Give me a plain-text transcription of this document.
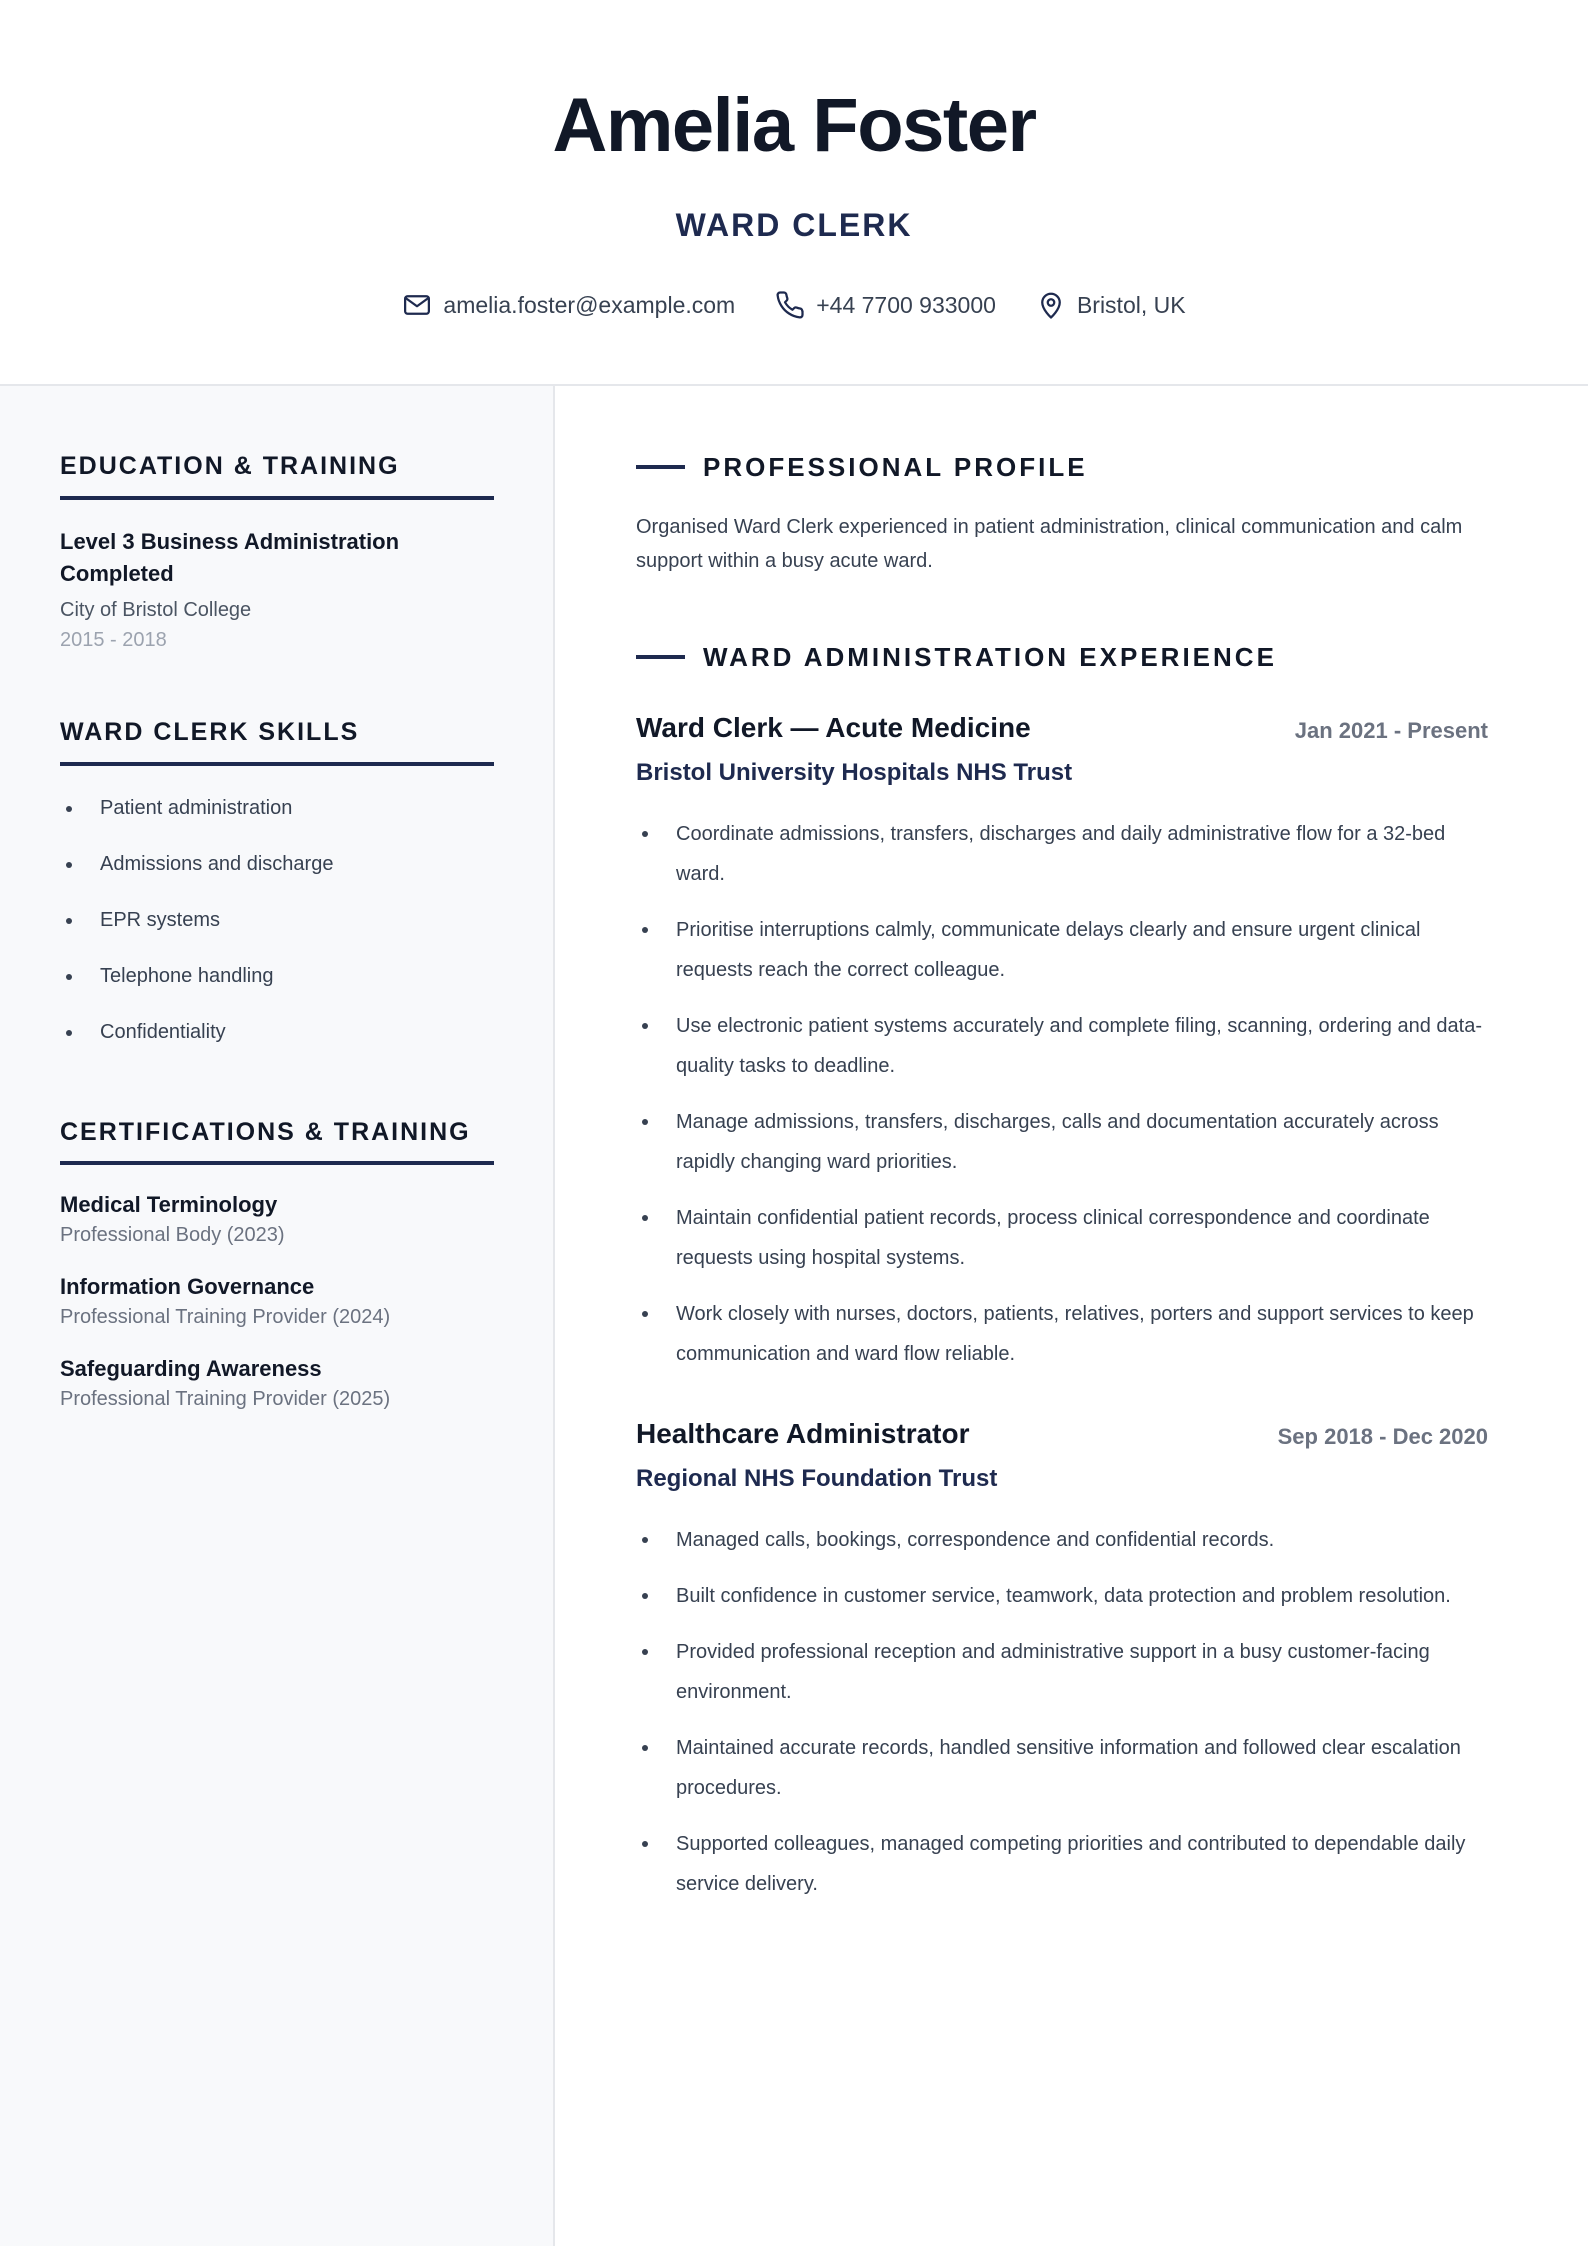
Amelia Foster
WARD CLERK
amelia.foster@example.com	+44 7700 933000	Bristol, UK
EDUCATION & TRAINING
Level 3 Business Administration Completed
City of Bristol College
2015 - 2018
WARD CLERK SKILLS
Patient administration
Admissions and discharge
EPR systems
Telephone handling
Confidentiality
CERTIFICATIONS & TRAINING
Medical Terminology
Professional Body (2023)
Information Governance
Professional Training Provider (2024)
Safeguarding Awareness
Professional Training Provider (2025)
PROFESSIONAL PROFILE

Organised Ward Clerk experienced in patient administration, clinical communication and calm support within a busy acute ward.

WARD ADMINISTRATION EXPERIENCE
Ward Clerk — Acute Medicine	Jan 2021 - Present
Bristol University Hospitals NHS Trust
Coordinate admissions, transfers, discharges and daily administrative flow for a 32-bed ward.
Prioritise interruptions calmly, communicate delays clearly and ensure urgent clinical requests reach the correct colleague.
Use electronic patient systems accurately and complete filing, scanning, ordering and data-quality tasks to deadline.
Manage admissions, transfers, discharges, calls and documentation accurately across rapidly changing ward priorities.
Maintain confidential patient records, process clinical correspondence and coordinate requests using hospital systems.
Work closely with nurses, doctors, patients, relatives, porters and support services to keep communication and ward flow reliable.
Healthcare Administrator	Sep 2018 - Dec 2020
Regional NHS Foundation Trust
Managed calls, bookings, correspondence and confidential records.
Built confidence in customer service, teamwork, data protection and problem resolution.
Provided professional reception and administrative support in a busy customer-facing environment.
Maintained accurate records, handled sensitive information and followed clear escalation procedures.
Supported colleagues, managed competing priorities and contributed to dependable daily service delivery.
